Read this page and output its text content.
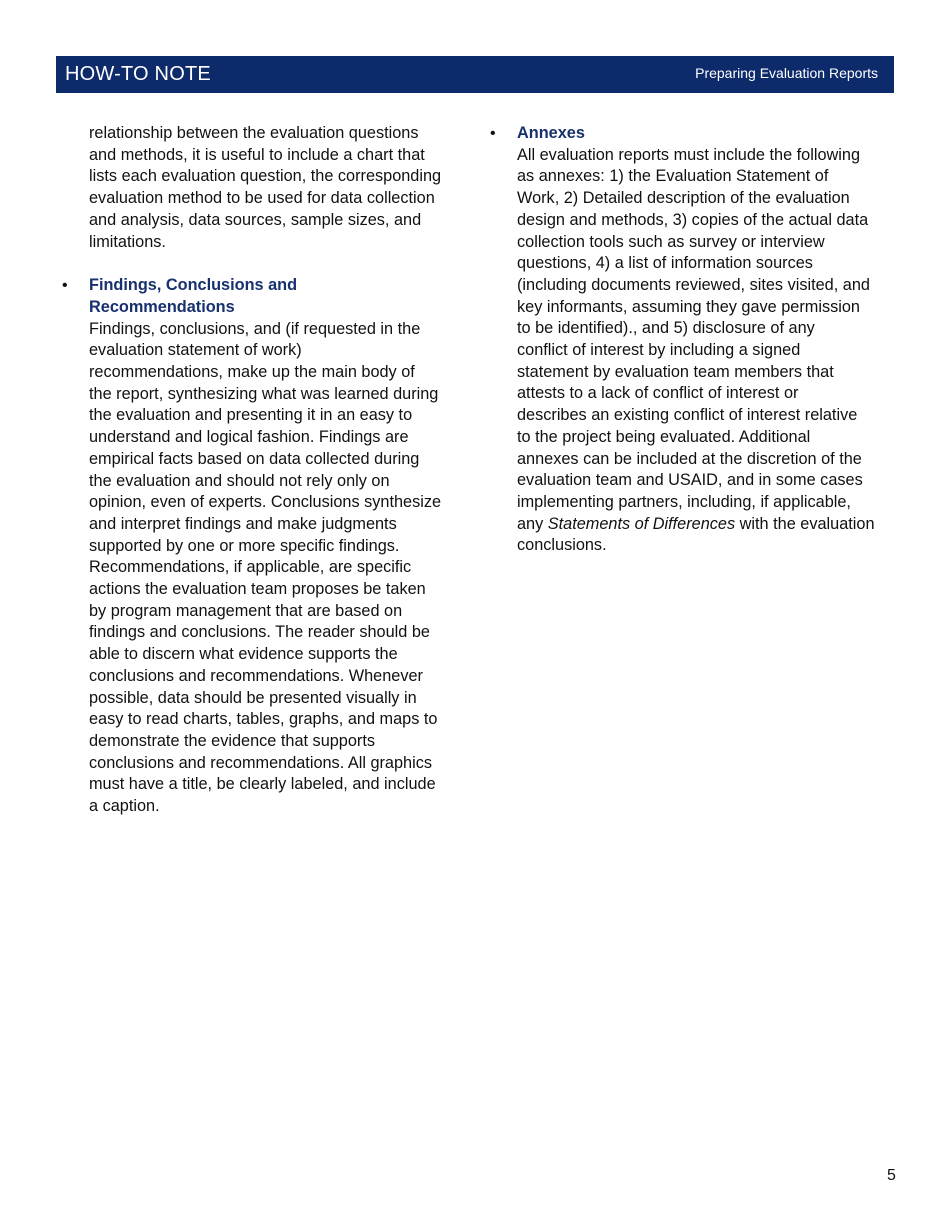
HOW-TO NOTE	Preparing Evaluation Reports
relationship between the evaluation questions
and methods, it is useful to include a chart that
lists each evaluation question, the corresponding
evaluation method to be used for data collection
and analysis, data sources, sample sizes, and
limitations.
• Findings, Conclusions and
Recommendations
Findings, conclusions, and (if requested in the
evaluation statement of work)
recommendations, make up the main body of
the report, synthesizing what was learned during
the evaluation and presenting it in an easy to
understand and logical fashion. Findings are
empirical facts based on data collected during
the evaluation and should not rely only on
opinion, even of experts. Conclusions synthesize
and interpret findings and make judgments
supported by one or more specific findings.
Recommendations, if applicable, are specific
actions the evaluation team proposes be taken
by program management that are based on
findings and conclusions. The reader should be
able to discern what evidence supports the
conclusions and recommendations. Whenever
possible, data should be presented visually in
easy to read charts, tables, graphs, and maps to
demonstrate the evidence that supports
conclusions and recommendations. All graphics
must have a title, be clearly labeled, and include
a caption.
• Annexes
All evaluation reports must include the following
as annexes: 1) the Evaluation Statement of
Work, 2) Detailed description of the evaluation
design and methods, 3) copies of the actual data
collection tools such as survey or interview
questions, 4) a list of information sources
(including documents reviewed, sites visited, and
key informants, assuming they gave permission
to be identified)., and 5) disclosure of any
conflict of interest by including a signed
statement by evaluation team members that
attests to a lack of conflict of interest or
describes an existing conflict of interest relative
to the project being evaluated. Additional
annexes can be included at the discretion of the
evaluation team and USAID, and in some cases
implementing partners, including, if applicable,
any Statements of Differences with the evaluation
conclusions.
5
